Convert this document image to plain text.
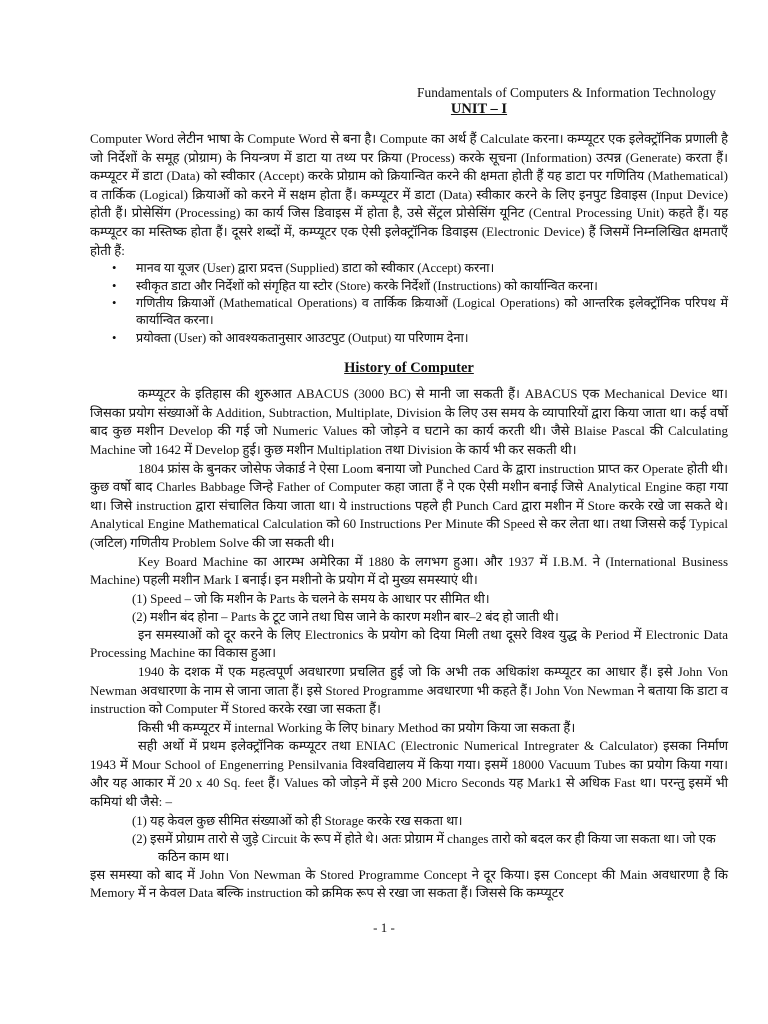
Fundamentals of Computers & Information Technology

UNIT – I

Computer Word लेटीन भाषा के Compute Word से बना है। Compute का अर्थ हैं Calculate करना। कम्प्यूटर एक इलेक्ट्रॉनिक प्रणाली है जो निर्देशों के समूह (प्रोग्राम) के नियन्त्रण में डाटा या तथ्य पर क्रिया (Process) करके सूचना (Information) उत्पन्न (Generate) करता हैं। कम्प्यूटर में डाटा (Data) को स्वीकार (Accept) करके प्रोग्राम को क्रियान्वित करने की क्षमता होती हैं यह डाटा पर गणितिय (Mathematical) व तार्किक (Logical) क्रियाओं को करने में सक्षम होता हैं। कम्प्यूटर में डाटा (Data) स्वीकार करने के लिए इनपुट डिवाइस (Input Device) होती हैं। प्रोसेसिंग (Processing) का कार्य जिस डिवाइस में होता है, उसे सेंट्रल प्रोसेसिंग यूनिट (Central Processing Unit) कहते हैं। यह कम्प्यूटर का मस्तिष्क होता हैं। दूसरे शब्दों में, कम्प्यूटर एक ऐसी इलेक्ट्रॉनिक डिवाइस (Electronic Device) हैं जिसमें निम्नलिखित क्षमताएँ होती हैं:

• मानव या यूजर (User) द्वारा प्रदत्त (Supplied) डाटा को स्वीकार (Accept) करना।
• स्वीकृत डाटा और निर्देशों को संगृहित या स्टोर (Store) करके निर्देशों (Instructions) को कार्यान्वित करना।
• गणितीय क्रियाओं (Mathematical Operations) व तार्किक क्रियाओं (Logical Operations) को आन्तरिक इलेक्ट्रॉनिक परिपथ में कार्यान्वित करना।
• प्रयोक्ता (User) को आवश्यकतानुसार आउटपुट (Output) या परिणाम देना।

History of Computer

कम्प्यूटर के इतिहास की शुरुआत ABACUS (3000 BC) से मानी जा सकती हैं। ABACUS एक Mechanical Device था। जिसका प्रयोग संख्याओं के Addition, Subtraction, Multiplate, Division के लिए उस समय के व्यापारियों द्वारा किया जाता था। कई वर्षो बाद कुछ मशीन Develop की गई जो Numeric Values को जोड़ने व घटाने का कार्य करती थी। जैसे Blaise Pascal की Calculating Machine जो 1642 में Develop हुई। कुछ मशीन Multiplation तथा Division के कार्य भी कर सकती थी।

1804 फ्रांस के बुनकर जोसेफ जेकार्ड ने ऐसा Loom बनाया जो Punched Card के द्वारा instruction प्राप्त कर Operate होती थी। कुछ वर्षो बाद Charles Babbage जिन्हे Father of Computer कहा जाता हैं ने एक ऐसी मशीन बनाई जिसे Analytical Engine कहा गया था। जिसे instruction द्वारा संचालित किया जाता था। ये instructions पहले ही Punch Card द्वारा मशीन में Store करके रखे जा सकते थे। Analytical Engine Mathematical Calculation को 60 Instructions Per Minute की Speed से कर लेता था। तथा जिससे कई Typical (जटिल) गणितीय Problem Solve की जा सकती थी।

Key Board Machine का आरम्भ अमेरिका में 1880 के लगभग हुआ। और 1937 में I.B.M. ने (International Business Machine) पहली मशीन Mark I बनाई। इन मशीनो के प्रयोग में दो मुख्य समस्याएं थी।

(1) Speed – जो कि मशीन के Parts के चलने के समय के आधार पर सीमित थी।

(2) मशीन बंद होना – Parts के टूट जाने तथा घिस जाने के कारण मशीन बार–2 बंद हो जाती थी।

इन समस्याओं को दूर करने के लिए Electronics के प्रयोग को दिया मिली तथा दूसरे विश्व युद्ध के Period में Electronic Data Processing Machine का विकास हुआ।

1940 के दशक में एक महत्वपूर्ण अवधारणा प्रचलित हुई जो कि अभी तक अधिकांश कम्प्यूटर का आधार हैं। इसे John Von Newman अवधारणा के नाम से जाना जाता हैं। इसे Stored Programme अवधारणा भी कहते हैं। John Von Newman ने बताया कि डाटा व instruction को Computer में Stored करके रखा जा सकता हैं।

किसी भी कम्प्यूटर में internal Working के लिए binary Method का प्रयोग किया जा सकता हैं।

सही अर्थो में प्रथम इलेक्ट्रॉनिक कम्प्यूटर तथा ENIAC (Electronic Numerical Intregrater & Calculator) इसका निर्माण 1943 में Mour School of Engenerring Pensilvania विश्वविद्यालय में किया गया। इसमें 18000 Vacuum Tubes का प्रयोग किया गया। और यह आकार में 20 x 40 Sq. feet हैं। Values को जोड़ने में इसे 200 Micro Seconds यह Mark1 से अधिक Fast था। परन्तु इसमें भी कमियां थी जैसे: –

(1) यह केवल कुछ सीमित संख्याओं को ही Storage करके रख सकता था।

(2) इसमें प्रोग्राम तारो से जुड़े Circuit के रूप में होते थे। अतः प्रोग्राम में changes तारो को बदल कर ही किया जा सकता था। जो एक कठिन काम था।

इस समस्या को बाद में John Von Newman के Stored Programme Concept ने दूर किया। इस Concept की Main अवधारणा है कि Memory में न केवल Data बल्कि instruction को क्रमिक रूप से रखा जा सकता हैं। जिससे कि कम्प्यूटर

- 1 -
